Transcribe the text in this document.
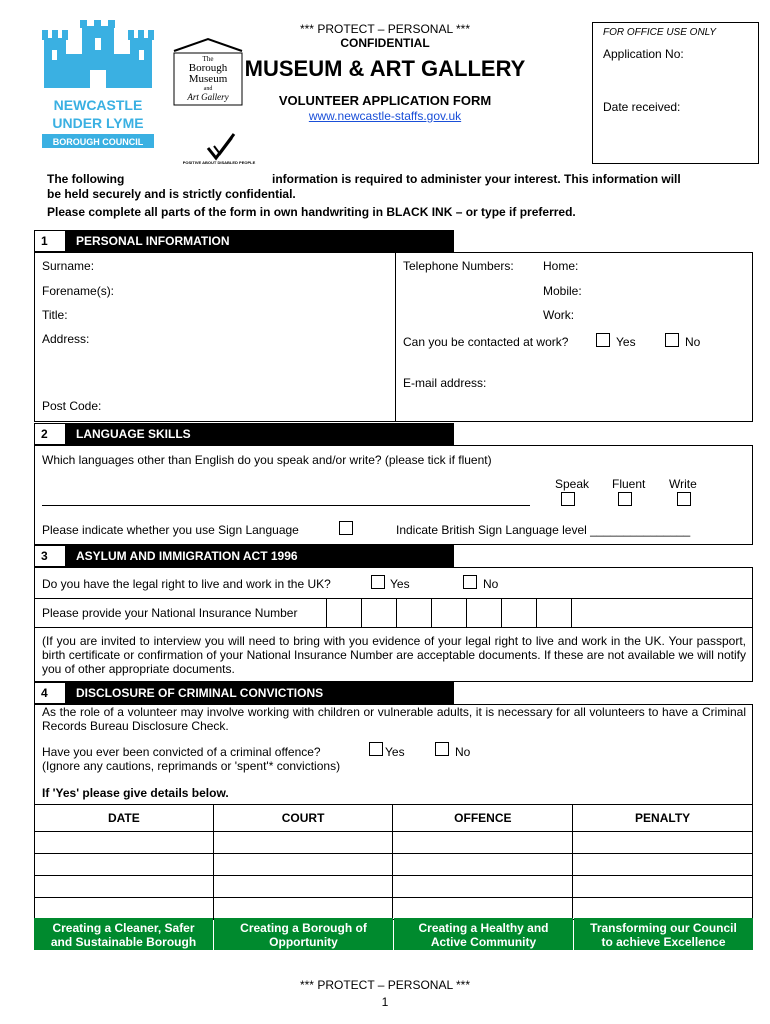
NEWCASTLE
UNDER LYME
BOROUGH COUNCIL
The
Borough
Museum
and
Art Gallery
POSITIVE ABOUT DISABLED PEOPLE
*** PROTECT – PERSONAL ***
CONFIDENTIAL
MUSEUM & ART GALLERY
VOLUNTEER APPLICATION FORM
www.newcastle-staffs.gov.uk
FOR OFFICE USE ONLY
Application No:
Date received:
The following	information is required to administer your interest. This information will
be held securely and is strictly confidential.
Please complete all parts of the form in own handwriting in BLACK INK – or type if preferred.
1	PERSONAL INFORMATION
Surname:
Forename(s):
Title:
Address:
Post Code:
Telephone Numbers: Home:
Mobile:
Work:
Can you be contacted at work?	Yes	No
E-mail address:
2	LANGUAGE SKILLS
Which languages other than English do you speak and/or write? (please tick if fluent)
Speak Fluent Write
Please indicate whether you use Sign Language	Indicate British Sign Language level _______________
3	ASYLUM AND IMMIGRATION ACT 1996
Do you have the legal right to live and work in the UK?	Yes	No
Please provide your National Insurance Number
(If you are invited to interview you will need to bring with you evidence of your legal right to live and work in the UK. Your passport, birth certificate or confirmation of your National Insurance Number are acceptable documents. If these are not available we will notify you of other appropriate documents.
4	DISCLOSURE OF CRIMINAL CONVICTIONS
As the role of a volunteer may involve working with children or vulnerable adults, it is necessary for all volunteers to have a Criminal Records Bureau Disclosure Check.
Have you ever been convicted of a criminal offence?	Yes	No
(Ignore any cautions, reprimands or 'spent'* convictions)
If 'Yes' please give details below.
DATE	COURT	OFFENCE	PENALTY

Creating a Cleaner, Safer
and Sustainable Borough
Creating a Borough of
Opportunity
Creating a Healthy and
Active Community
Transforming our Council
to achieve Excellence
*** PROTECT – PERSONAL ***
1
